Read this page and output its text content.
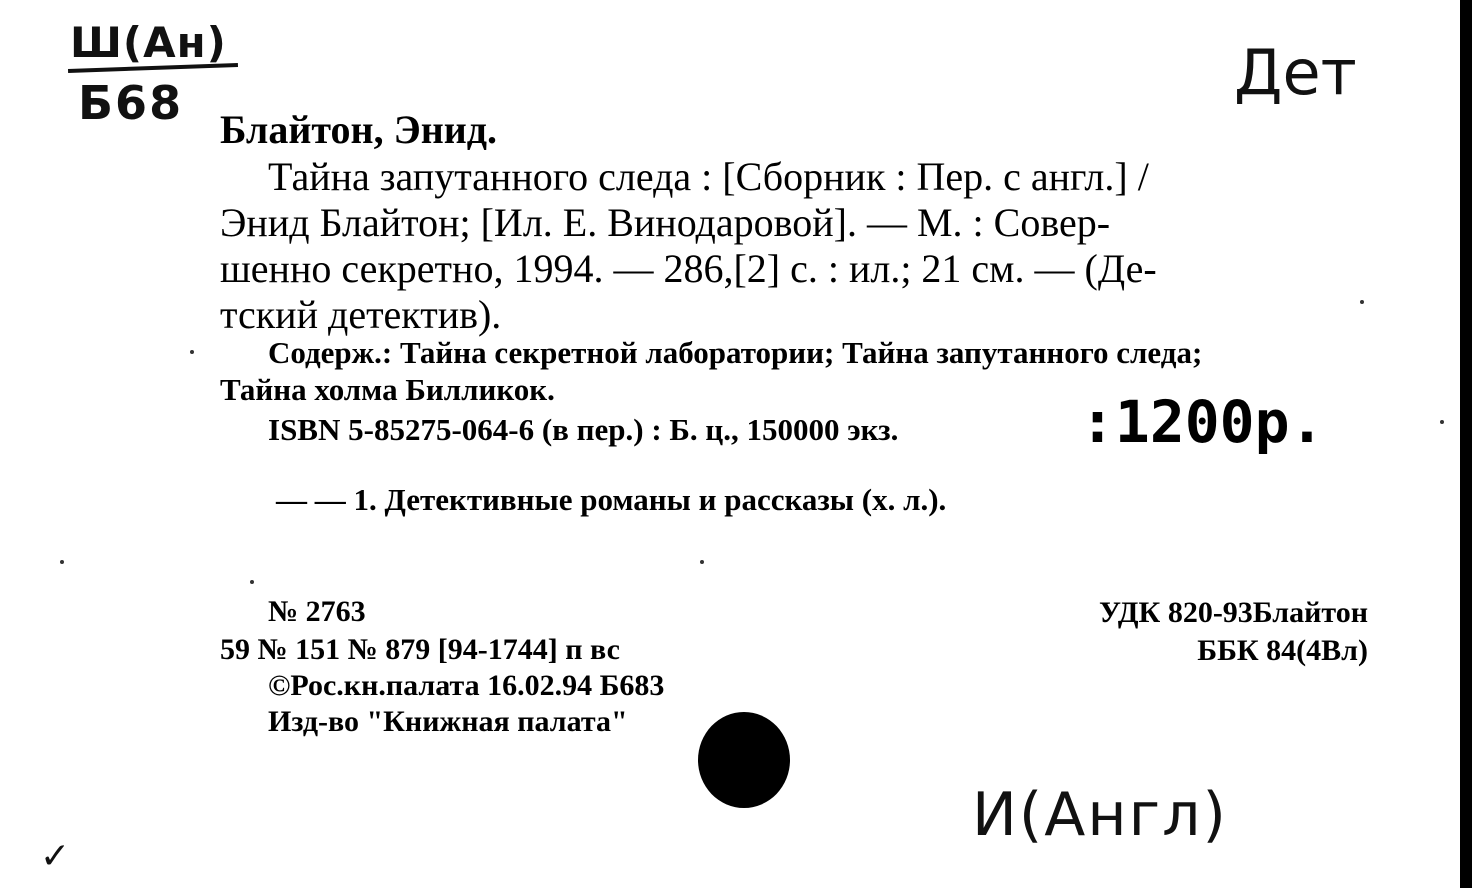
Ш(Ан)
Б68	Дет
Блайтон, Энид.
Тайна запутанного следа : [Сборник : Пер. с англ.] /
Энид Блайтон; [Ил. Е. Винодаровой]. — М. : Совер-
шенно секретно, 1994. — 286,[2] с. : ил.; 21 см. — (Де-
тский детектив).
Содерж.: Тайна секретной лаборатории; Тайна запутанного следа;
Тайна холма Билликок.
ISBN 5-85275-064-6 (в пер.) : Б. ц., 150000 экз.	:1200р.
— — 1. Детективные романы и рассказы (х. л.).
№ 2763
59 № 151 № 879 [94-1744] п вс
©Рос.кн.палата 16.02.94 Б683
Изд-во "Книжная палата"
УДК 820-93Блайтон
ББК 84(4Вл)
И(Англ)
✓
